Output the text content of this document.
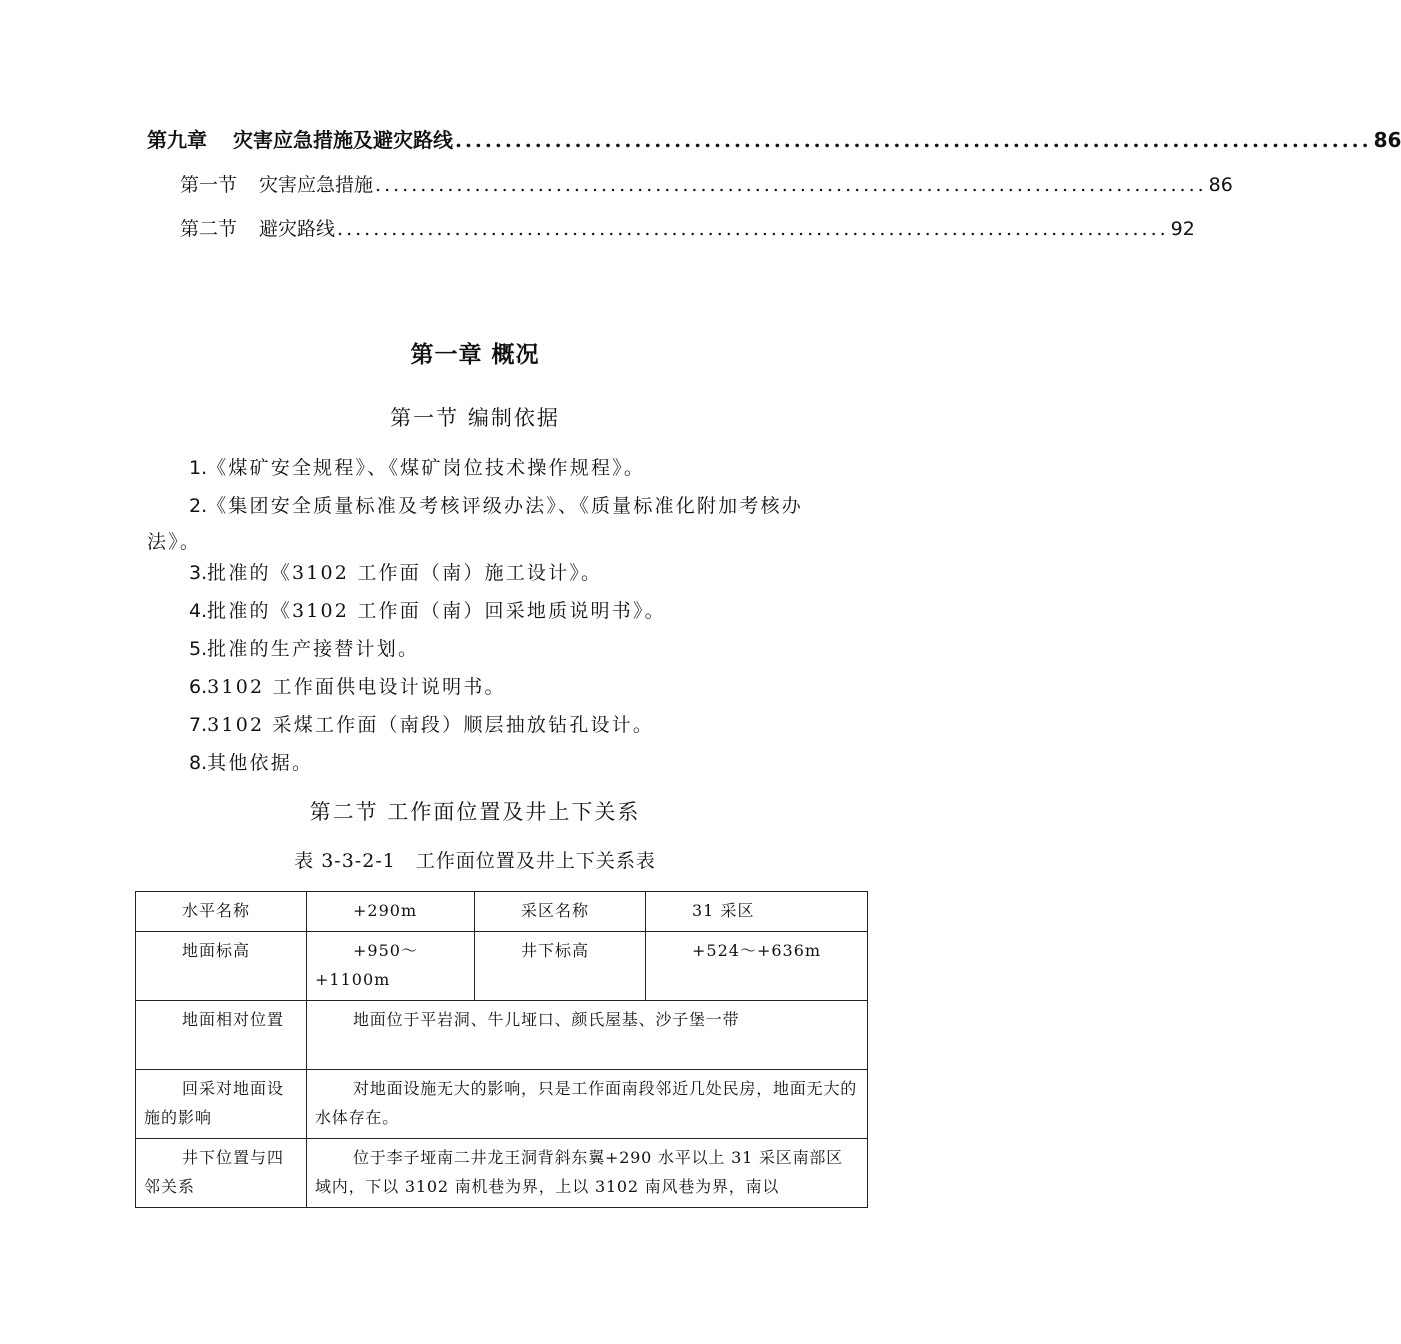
第九章 灾害应急措施及避灾路线 ............................................................................................ 86
第一节 灾害应急措施 ............................................................................................ 86
第二节 避灾路线 ............................................................................................ 92
第一章 概况
第一节 编制依据
1.《煤矿安全规程》、《煤矿岗位技术操作规程》。
2.《集团安全质量标准及考核评级办法》、《质量标准化附加考核办法》。
3.批准的《3102 工作面（南）施工设计》。
4.批准的《3102 工作面（南）回采地质说明书》。
5.批准的生产接替计划。
6.3102 工作面供电设计说明书。
7.3102 采煤工作面（南段）顺层抽放钻孔设计。
8.其他依据。
第二节 工作面位置及井上下关系
表 3-3-2-1　工作面位置及井上下关系表
水平名称	+290m	采区名称	31 采区
地面标高	+950～+1100m	井下标高	+524～+636m
地面相对位置	地面位于平岩洞、牛儿垭口、颜氏屋基、沙子堡一带		
回采对地面设施的影响	对地面设施无大的影响，只是工作面南段邻近几处民房，地面无大的水体存在。		
井下位置与四邻关系	位于李子垭南二井龙王洞背斜东翼+290 水平以上 31 采区南部区域内，下以 3102 南机巷为界，上以 3102 南风巷为界，南以		
